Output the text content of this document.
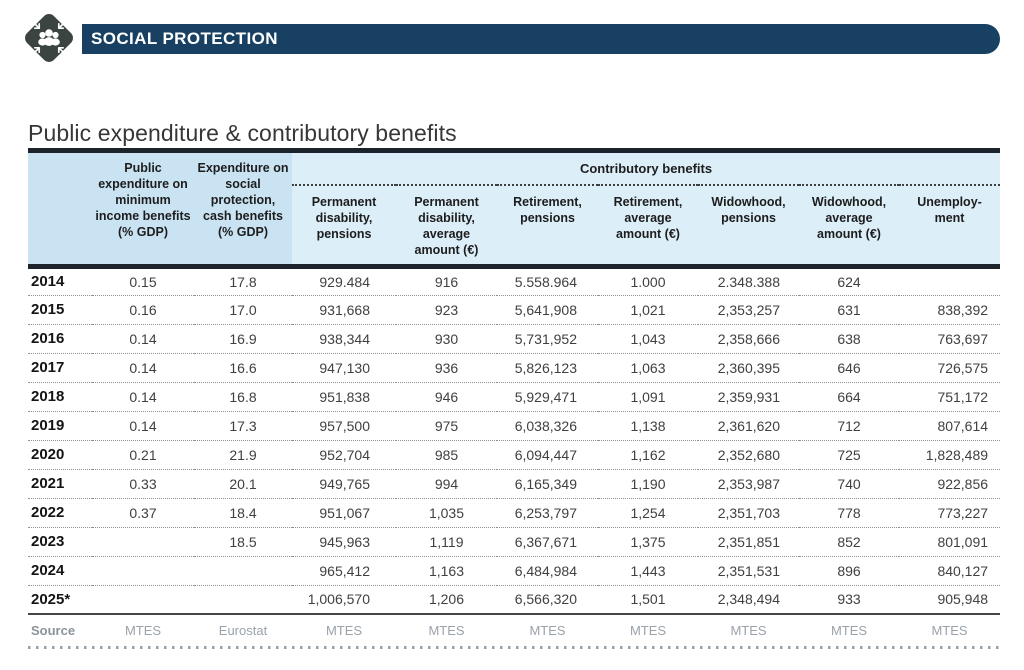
SOCIAL PROTECTION
Public expenditure & contributory benefits
	Public expenditure on minimum income benefits (% GDP)	Expenditure on social protection, cash benefits (% GDP)	Contributory benefits						
			Permanent disability, pensions	Permanent disability, average amount (€)	Retirement, pensions	Retirement, average amount (€)	Widowhood, pensions	Widowhood, average amount (€)	Unemploy- ment
2014	0.15	17.8	929.484	916	5.558.964	1.000	2.348.388	624	
2015	0.16	17.0	931,668	923	5,641,908	1,021	2,353,257	631	838,392
2016	0.14	16.9	938,344	930	5,731,952	1,043	2,358,666	638	763,697
2017	0.14	16.6	947,130	936	5,826,123	1,063	2,360,395	646	726,575
2018	0.14	16.8	951,838	946	5,929,471	1,091	2,359,931	664	751,172
2019	0.14	17.3	957,500	975	6,038,326	1,138	2,361,620	712	807,614
2020	0.21	21.9	952,704	985	6,094,447	1,162	2,352,680	725	1,828,489
2021	0.33	20.1	949,765	994	6,165,349	1,190	2,353,987	740	922,856
2022	0.37	18.4	951,067	1,035	6,253,797	1,254	2,351,703	778	773,227
2023		18.5	945,963	1,119	6,367,671	1,375	2,351,851	852	801,091
2024			965,412	1,163	6,484,984	1,443	2,351,531	896	840,127
2025*			1,006,570	1,206	6,566,320	1,501	2,348,494	933	905,948
Source	MTES	Eurostat	MTES	MTES	MTES	MTES	MTES	MTES	MTES
